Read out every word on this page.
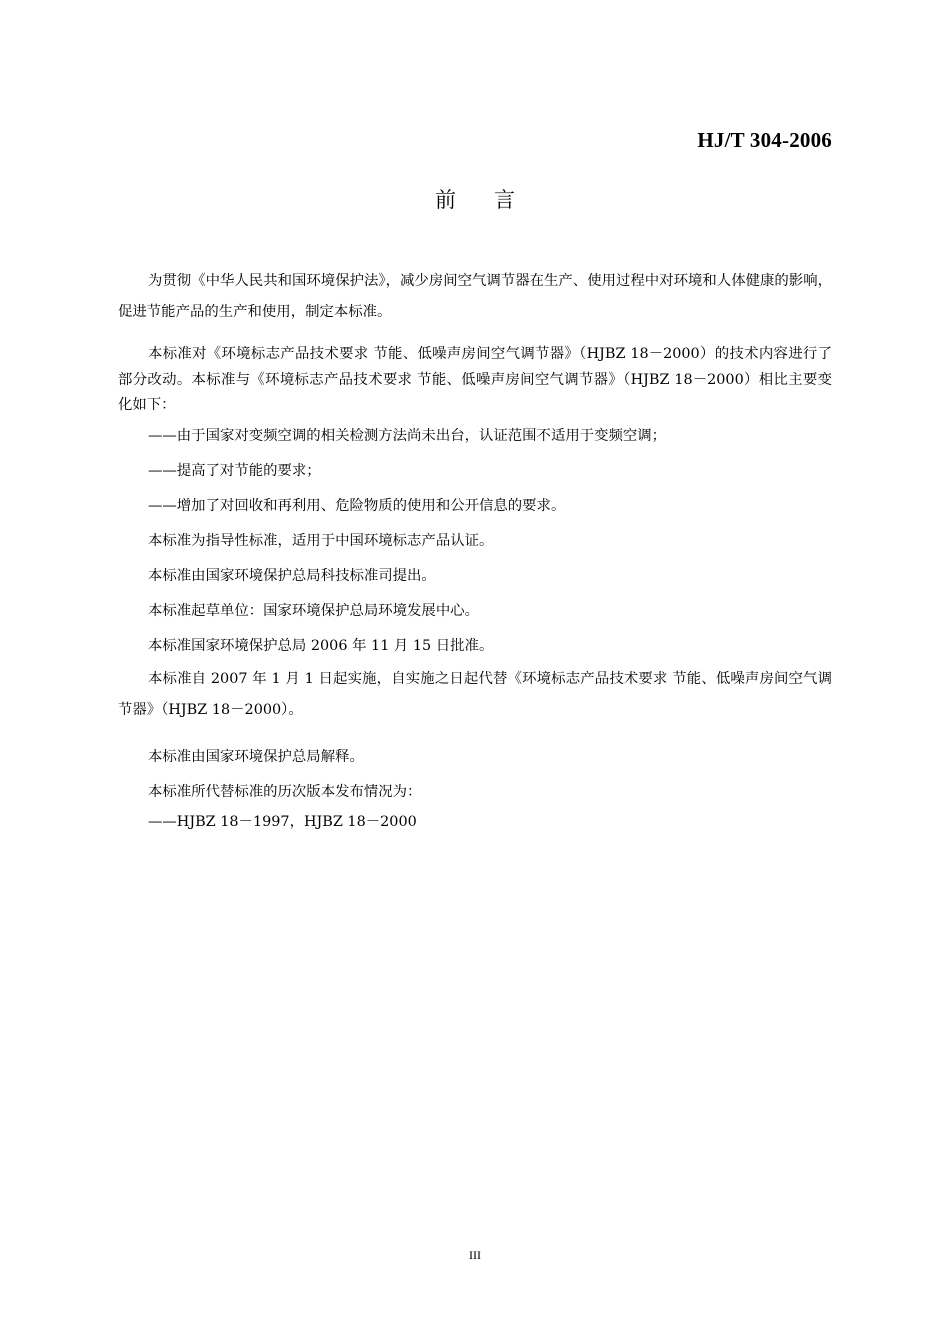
HJ/T 304-2006
前言

为贯彻《中华人民共和国环境保护法》，减少房间空气调节器在生产、使用过程中对环境和人体健康的影响，促进节能产品的生产和使用，制定本标准。

本标准对《环境标志产品技术要求 节能、低噪声房间空气调节器》（HJBZ 18－2000）的技术内容进行了部分改动。本标准与《环境标志产品技术要求 节能、低噪声房间空气调节器》（HJBZ 18－2000）相比主要变化如下：

——由于国家对变频空调的相关检测方法尚未出台，认证范围不适用于变频空调；

——提高了对节能的要求；

——增加了对回收和再利用、危险物质的使用和公开信息的要求。

本标准为指导性标准，适用于中国环境标志产品认证。

本标准由国家环境保护总局科技标准司提出。

本标准起草单位：国家环境保护总局环境发展中心。

本标准国家环境保护总局 2006 年 11 月 15 日批准。

本标准自 2007 年 1 月 1 日起实施，自实施之日起代替《环境标志产品技术要求 节能、低噪声房间空气调节器》（HJBZ 18－2000）。

本标准由国家环境保护总局解释。

本标准所代替标准的历次版本发布情况为：

——HJBZ 18－1997，HJBZ 18－2000

III
